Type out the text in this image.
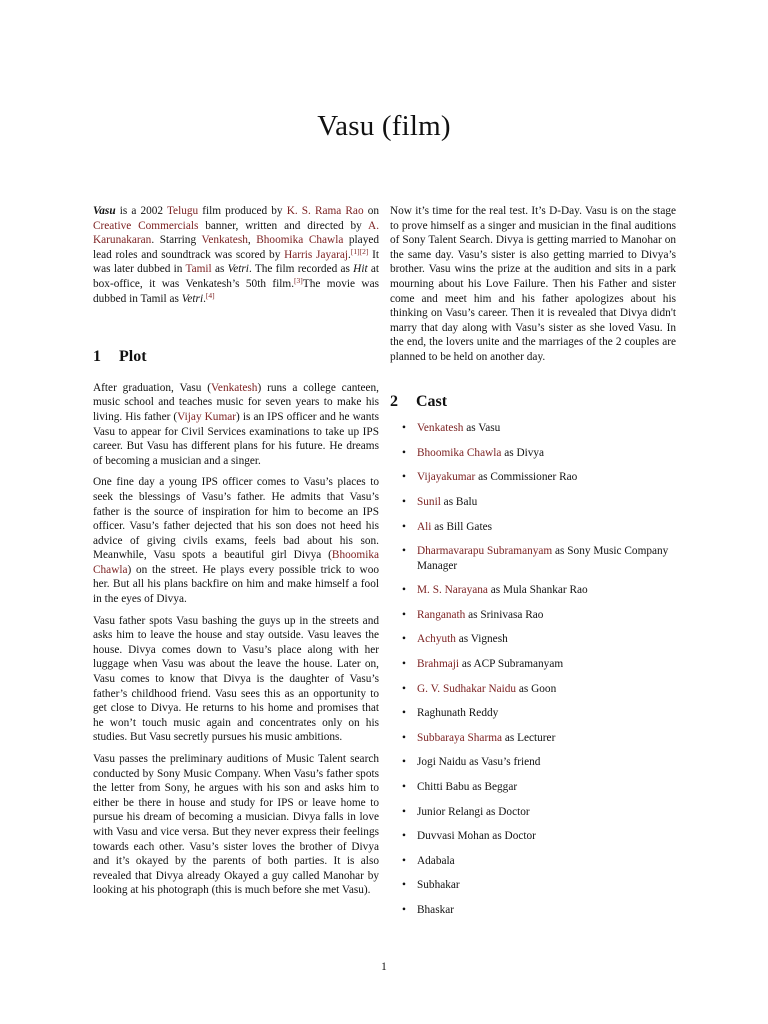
Vasu (film)

Vasu is a 2002 Telugu film produced by K. S. Rama Rao on Creative Commercials banner, written and directed by A. Karunakaran. Starring Venkatesh, Bhoomika Chawla played lead roles and soundtrack was scored by Harris Jayaraj.[1][2] It was later dubbed in Tamil as Vetri. The film recorded as Hit at box-office, it was Venkatesh’s 50th film.[3]The movie was dubbed in Tamil as Vetri.[4]

1 Plot

After graduation, Vasu (Venkatesh) runs a college canteen, music school and teaches music for seven years to make his living. His father (Vijay Kumar) is an IPS officer and he wants Vasu to appear for Civil Services examinations to take up IPS career. But Vasu has different plans for his future. He dreams of becoming a musician and a singer.

One fine day a young IPS officer comes to Vasu’s places to seek the blessings of Vasu’s father. He admits that Vasu’s father is the source of inspiration for him to become an IPS officer. Vasu’s father dejected that his son does not heed his advice of giving civils exams, feels bad about his son. Meanwhile, Vasu spots a beautiful girl Divya (Bhoomika Chawla) on the street. He plays every possible trick to woo her. But all his plans backfire on him and make himself a fool in the eyes of Divya.

Vasu father spots Vasu bashing the guys up in the streets and asks him to leave the house and stay outside. Vasu leaves the house. Divya comes down to Vasu’s place along with her luggage when Vasu was about the leave the house. Later on, Vasu comes to know that Divya is the daughter of Vasu’s father’s childhood friend. Vasu sees this as an opportunity to get close to Divya. He returns to his home and promises that he won’t touch music again and concentrates only on his studies. But Vasu secretly pursues his music ambitions.

Vasu passes the preliminary auditions of Music Talent search conducted by Sony Music Company. When Vasu’s father spots the letter from Sony, he argues with his son and asks him to either be there in house and study for IPS or leave home to pursue his dream of becoming a musician. Divya falls in love with Vasu and vice versa. But they never express their feelings towards each other. Vasu’s sister loves the brother of Divya and it’s okayed by the parents of both parties. It is also revealed that Divya already Okayed a guy called Manohar by looking at his photograph (this is much before she met Vasu).

Now it’s time for the real test. It’s D-Day. Vasu is on the stage to prove himself as a singer and musician in the final auditions of Sony Talent Search. Divya is getting married to Manohar on the same day. Vasu’s sister is also getting married to Divya’s brother. Vasu wins the prize at the audition and sits in a park mourning about his Love Failure. Then his Father and sister come and meet him and his father apologizes about his thinking on Vasu’s career. Then it is revealed that Divya didn't marry that day along with Vasu’s sister as she loved Vasu. In the end, the lovers unite and the marriages of the 2 couples are planned to be held on another day.

2 Cast
• Venkatesh as Vasu
• Bhoomika Chawla as Divya
• Vijayakumar as Commissioner Rao
• Sunil as Balu
• Ali as Bill Gates
• Dharmavarapu Subramanyam as Sony Music Company Manager
• M. S. Narayana as Mula Shankar Rao
• Ranganath as Srinivasa Rao
• Achyuth as Vignesh
• Brahmaji as ACP Subramanyam
• G. V. Sudhakar Naidu as Goon
• Raghunath Reddy
• Subbaraya Sharma as Lecturer
• Jogi Naidu as Vasu’s friend
• Chitti Babu as Beggar
• Junior Relangi as Doctor
• Duvvasi Mohan as Doctor
• Adabala
• Subhakar
• Bhaskar
1
